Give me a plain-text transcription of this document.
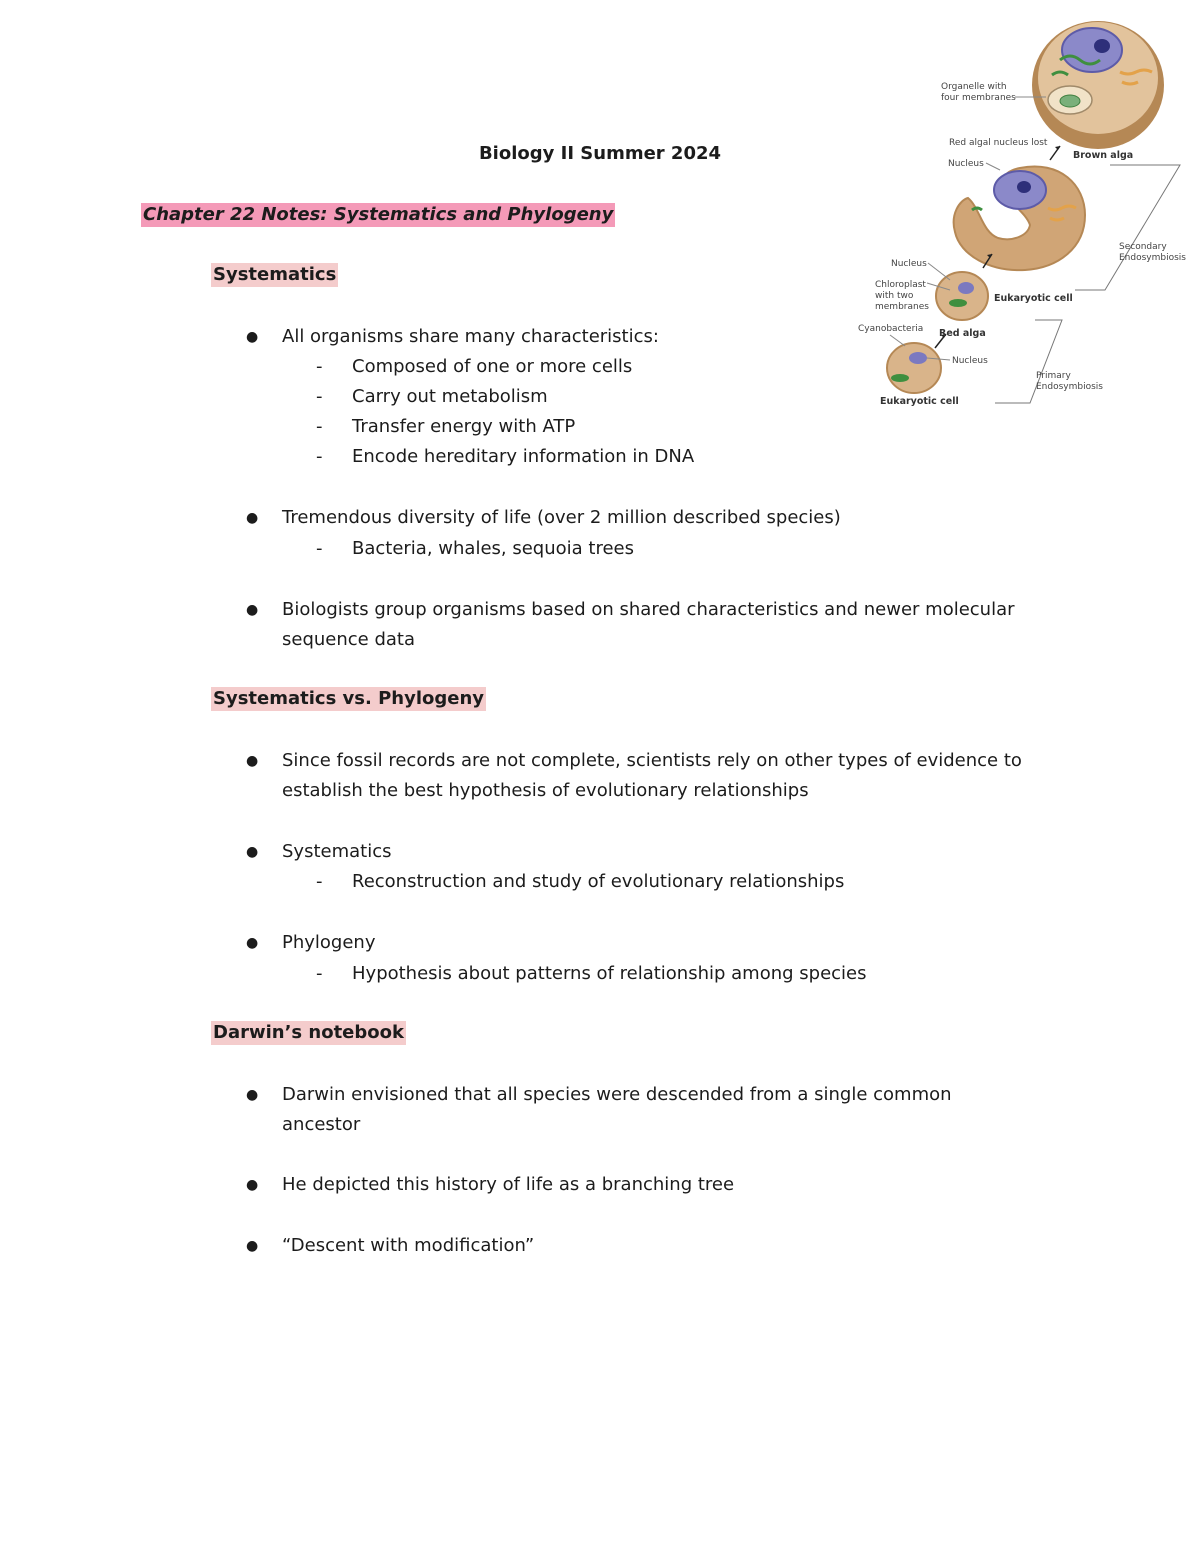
Biology II Summer 2024
Chapter 22 Notes: Systematics and Phylogeny
Systematics
● All organisms share many characteristics:
- Composed of one or more cells
- Carry out metabolism
- Transfer energy with ATP
- Encode hereditary information in DNA
● Tremendous diversity of life (over 2 million described species)
- Bacteria, whales, sequoia trees
● Biologists group organisms based on shared characteristics and newer molecular
sequence data
Systematics vs. Phylogeny
● Since fossil records are not complete, scientists rely on other types of evidence to
establish the best hypothesis of evolutionary relationships
● Systematics
- Reconstruction and study of evolutionary relationships
● Phylogeny
- Hypothesis about patterns of relationship among species
Darwin’s notebook
● Darwin envisioned that all species were descended from a single common
ancestor
● He depicted this history of life as a branching tree
● “Descent with modification”
Organelle with
four membranes
Red algal nucleus lost
Nucleus
Brown alga
Secondary
Endosymbiosis
Nucleus
Chloroplast
with two
membranes
Eukaryotic cell
Cyanobacteria Red alga
Nucleus
Primary
Endosymbiosis
Eukaryotic cell
